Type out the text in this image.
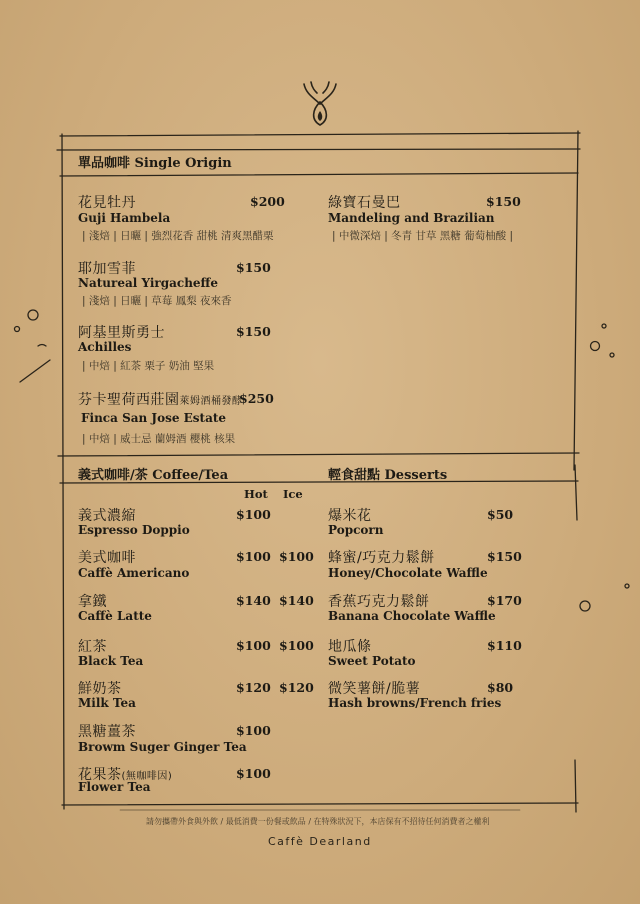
單品咖啡 Single Origin
花見牡丹	$200
Guji Hambela
| 淺焙 | 日曬 | 強烈花香 甜桃 清爽黑醋栗
綠寶石曼巴	$150
Mandeling and Brazilian
| 中微深焙 | 冬青 甘草 黑糖 葡萄柚酸 |
耶加雪菲	$150
Natureal Yirgacheffe
| 淺焙 | 日曬 | 草莓 鳳梨 夜來香
阿基里斯勇士	$150
Achilles
| 中焙 | 紅茶 栗子 奶油 堅果
芬卡聖荷西莊園萊姆酒桶發酵
$250
Finca San Jose Estate
| 中焙 | 威士忌 蘭姆酒 櫻桃 核果
義式咖啡/茶 Coffee/Tea	輕食甜點 Desserts
Hot Ice
義式濃縮	$100
Espresso Doppio
美式咖啡	$100 $100
Caffè Americano
拿鐵	$140 $140
Caffè Latte
紅茶	$100 $100
Black Tea
鮮奶茶	$120 $120
Milk Tea
黑糖薑茶	$100
Browm Suger Ginger Tea
花果茶(無咖啡因)	$100
Flower Tea
爆米花	$50
Popcorn
蜂蜜/巧克力鬆餅	$150
Honey/Chocolate Waffle
香蕉巧克力鬆餅	$170
Banana Chocolate Waffle
地瓜條	$110
Sweet Potato
微笑薯餅/脆薯	$80
Hash browns/French fries
請勿攜帶外食與外飲 / 最低消費一份餐或飲品 / 在特殊狀況下，本店保有不招待任何消費者之權利
Caffè Dearland
